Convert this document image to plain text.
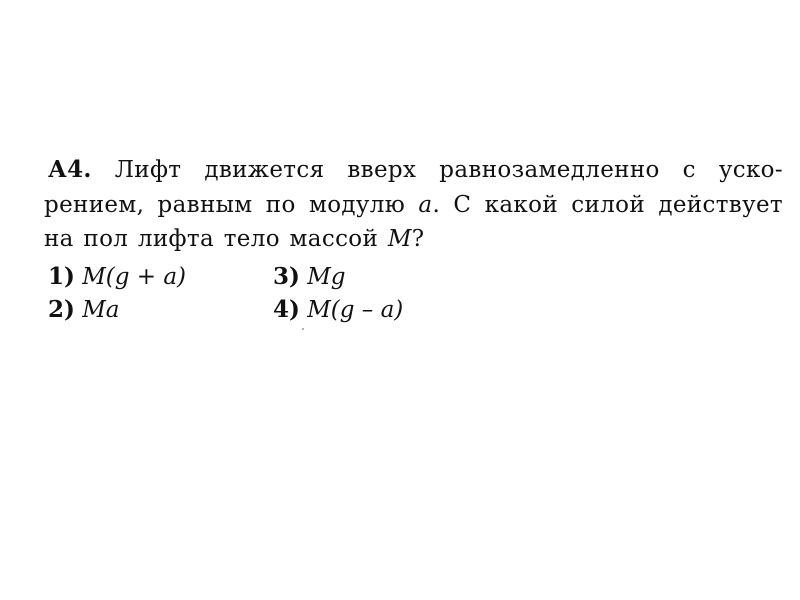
А4. Лифт движется вверх равнозамедленно с уско-
рением, равным по модулю a. С какой силой действует
на пол лифта тело массой M?
1) M(g + a)	3) Mg
2) Ma	4) M(g – a)
